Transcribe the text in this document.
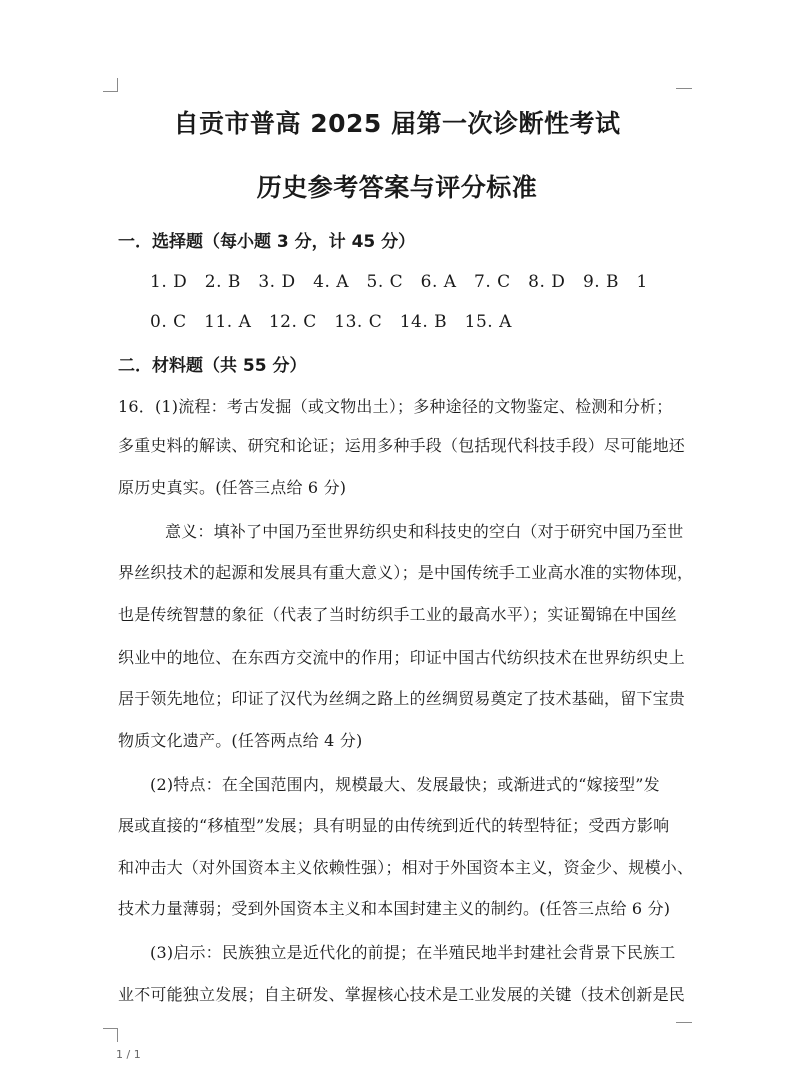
自贡市普高 2025 届第一次诊断性考试
历史参考答案与评分标准
一．选择题（每小题 3 分，计 45 分）
1. D　2. B　3. D　4. A　5. C　6. A　7. C　8. D　9. B　1
0. C　11. A　12. C　13. C　14. B　15. A
二．材料题（共 55 分）
16．(1)流程：考古发掘（或文物出土）；多种途径的文物鉴定、检测和分析；
多重史料的解读、研究和论证；运用多种手段（包括现代科技手段）尽可能地还
原历史真实。(任答三点给 6 分)
意义：填补了中国乃至世界纺织史和科技史的空白（对于研究中国乃至世
界丝织技术的起源和发展具有重大意义）；是中国传统手工业高水准的实物体现，
也是传统智慧的象征（代表了当时纺织手工业的最高水平）；实证蜀锦在中国丝
织业中的地位、在东西方交流中的作用；印证中国古代纺织技术在世界纺织史上
居于领先地位；印证了汉代为丝绸之路上的丝绸贸易奠定了技术基础，留下宝贵
物质文化遗产。(任答两点给 4 分)
(2)特点：在全国范围内，规模最大、发展最快；或渐进式的“嫁接型”发
展或直接的“移植型”发展；具有明显的由传统到近代的转型特征；受西方影响
和冲击大（对外国资本主义依赖性强）；相对于外国资本主义，资金少、规模小、
技术力量薄弱；受到外国资本主义和本国封建主义的制约。(任答三点给 6 分)
(3)启示：民族独立是近代化的前提；在半殖民地半封建社会背景下民族工
业不可能独立发展；自主研发、掌握核心技术是工业发展的关键（技术创新是民
1 / 1
